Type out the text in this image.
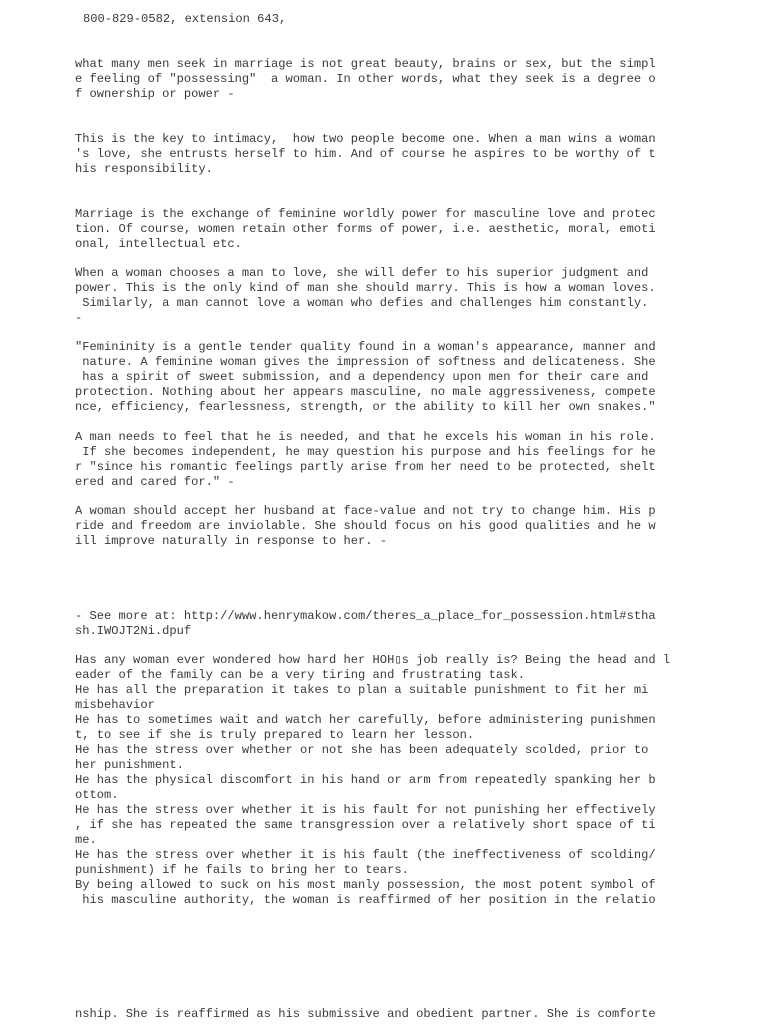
800-829-0582, extension 643,
what many men seek in marriage is not great beauty, brains or sex, but the simpl
e feeling of "possessing"  a woman. In other words, what they seek is a degree o
f ownership or power -
This is the key to intimacy,  how two people become one. When a man wins a woman
's love, she entrusts herself to him. And of course he aspires to be worthy of t
his responsibility.
Marriage is the exchange of feminine worldly power for masculine love and protec
tion. Of course, women retain other forms of power, i.e. aesthetic, moral, emoti
onal, intellectual etc.
When a woman chooses a man to love, she will defer to his superior judgment and
power. This is the only kind of man she should marry. This is how a woman loves.
Similarly, a man cannot love a woman who defies and challenges him constantly.
-
"Femininity is a gentle tender quality found in a woman's appearance, manner and
nature. A feminine woman gives the impression of softness and delicateness. She
has a spirit of sweet submission, and a dependency upon men for their care and
protection. Nothing about her appears masculine, no male aggressiveness, compete
nce, efficiency, fearlessness, strength, or the ability to kill her own snakes."
A man needs to feel that he is needed, and that he excels his woman in his role.
If she becomes independent, he may question his purpose and his feelings for he
r "since his romantic feelings partly arise from her need to be protected, shelt
ered and cared for." -
A woman should accept her husband at face-value and not try to change him. His p
ride and freedom are inviolable. She should focus on his good qualities and he w
ill improve naturally in response to her. -
- See more at: http://www.henrymakow.com/theres_a_place_for_possession.html#stha
sh.IWOJT2Ni.dpuf
Has any woman ever wondered how hard her HOH▯s job really is? Being the head and l
eader of the family can be a very tiring and frustrating task.
He has all the preparation it takes to plan a suitable punishment to fit her mi
misbehavior
He has to sometimes wait and watch her carefully, before administering punishmen
t, to see if she is truly prepared to learn her lesson.
He has the stress over whether or not she has been adequately scolded, prior to
her punishment.
He has the physical discomfort in his hand or arm from repeatedly spanking her b
ottom.
He has the stress over whether it is his fault for not punishing her effectively
, if she has repeated the same transgression over a relatively short space of ti
me.
He has the stress over whether it is his fault (the ineffectiveness of scolding/
punishment) if he fails to bring her to tears.
By being allowed to suck on his most manly possession, the most potent symbol of
his masculine authority, the woman is reaffirmed of her position in the relatio
nship. She is reaffirmed as his submissive and obedient partner. She is comforte
